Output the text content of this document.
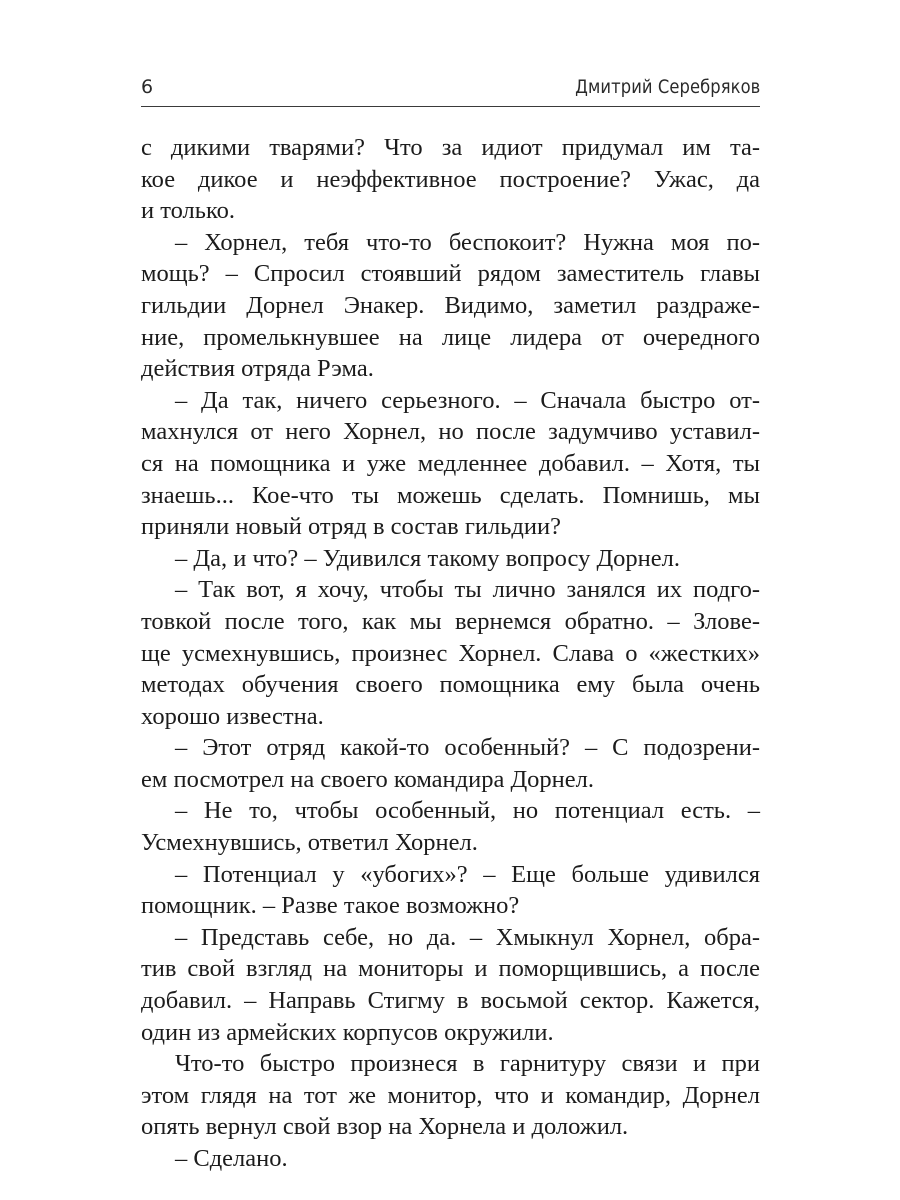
6	Дмитрий Серебряков
с дикими тварями? Что за идиот придумал им та-
кое дикое и неэффективное построение? Ужас, да
и только.
– Хорнел, тебя что-то беспокоит? Нужна моя по-
мощь? – Спросил стоявший рядом заместитель главы
гильдии Дорнел Энакер. Видимо, заметил раздраже-
ние, промелькнувшее на лице лидера от очередного
действия отряда Рэма.
– Да так, ничего серьезного. – Сначала быстро от-
махнулся от него Хорнел, но после задумчиво уставил-
ся на помощника и уже медленнее добавил. – Хотя, ты
знаешь... Кое-что ты можешь сделать. Помнишь, мы
приняли новый отряд в состав гильдии?
– Да, и что? – Удивился такому вопросу Дорнел.
– Так вот, я хочу, чтобы ты лично занялся их подго-
товкой после того, как мы вернемся обратно. – Злове-
ще усмехнувшись, произнес Хорнел. Слава о «жестких»
методах обучения своего помощника ему была очень
хорошо известна.
– Этот отряд какой-то особенный? – С подозрени-
ем посмотрел на своего командира Дорнел.
– Не то, чтобы особенный, но потенциал есть. –
Усмехнувшись, ответил Хорнел.
– Потенциал у «убогих»? – Еще больше удивился
помощник. – Разве такое возможно?
– Представь себе, но да. – Хмыкнул Хорнел, обра-
тив свой взгляд на мониторы и поморщившись, а после
добавил. – Направь Стигму в восьмой сектор. Кажется,
один из армейских корпусов окружили.
Что-то быстро произнеся в гарнитуру связи и при
этом глядя на тот же монитор, что и командир, Дорнел
опять вернул свой взор на Хорнела и доложил.
– Сделано.
